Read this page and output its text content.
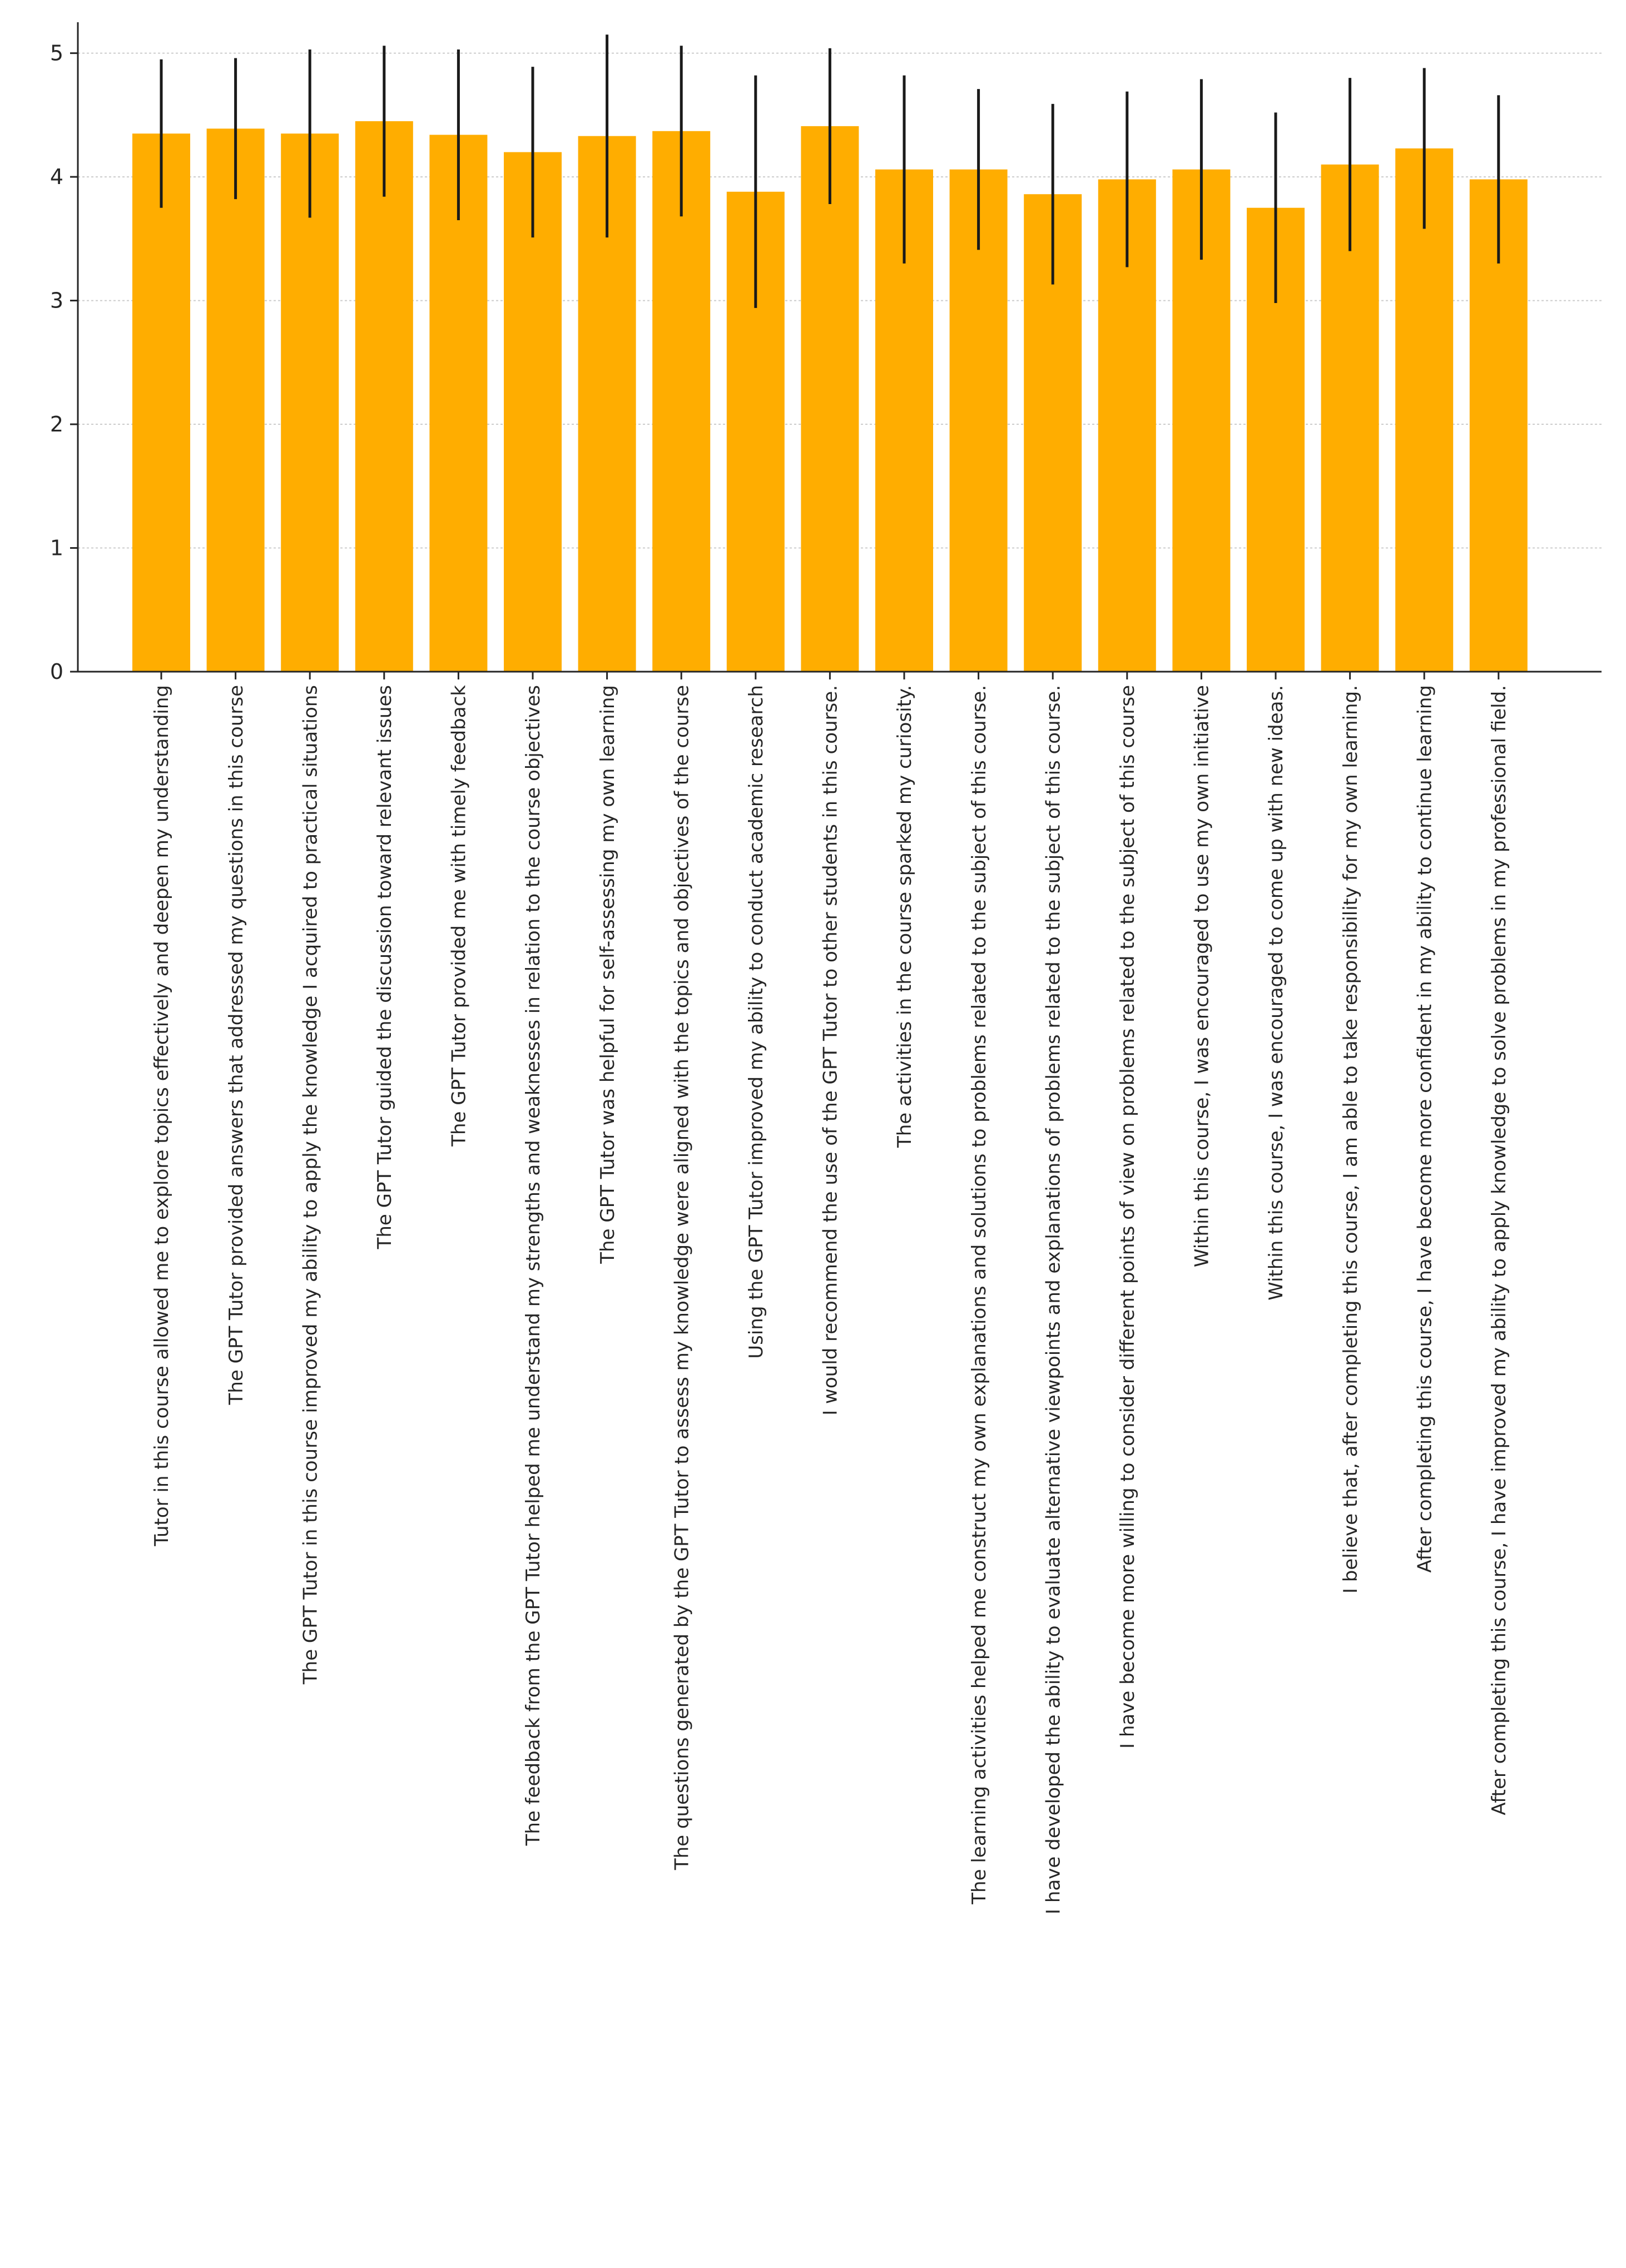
0
1
2
3
4
5
Tutor in this course allowed me to explore topics effectively and deepen my understanding	The GPT Tutor provided answers that addressed my questions in this course	The GPT Tutor in this course improved my ability to apply the knowledge I acquired to practical situations	The GPT Tutor guided the discussion toward relevant issues	The GPT Tutor provided me with timely feedback	The feedback from the GPT Tutor helped me understand my strengths and weaknesses in relation to the course objectives	The GPT Tutor was helpful for self-assessing my own learning	The questions generated by the GPT Tutor to assess my knowledge were aligned with the topics and objectives of the course	Using the GPT Tutor improved my ability to conduct academic research	I would recommend the use of the GPT Tutor to other students in this course.	The activities in the course sparked my curiosity.	The learning activities helped me construct my own explanations and solutions to problems related to the subject of this course.	I have developed the ability to evaluate alternative viewpoints and explanations of problems related to the subject of this course.	I have become more willing to consider different points of view on problems related to the subject of this course	Within this course, I was encouraged to use my own initiative	Within this course, I was encouraged to come up with new ideas.	I believe that, after completing this course, I am able to take responsibility for my own learning.	After completing this course, I have become more confident in my ability to continue learning	After completing this course, I have improved my ability to apply knowledge to solve problems in my professional field.
